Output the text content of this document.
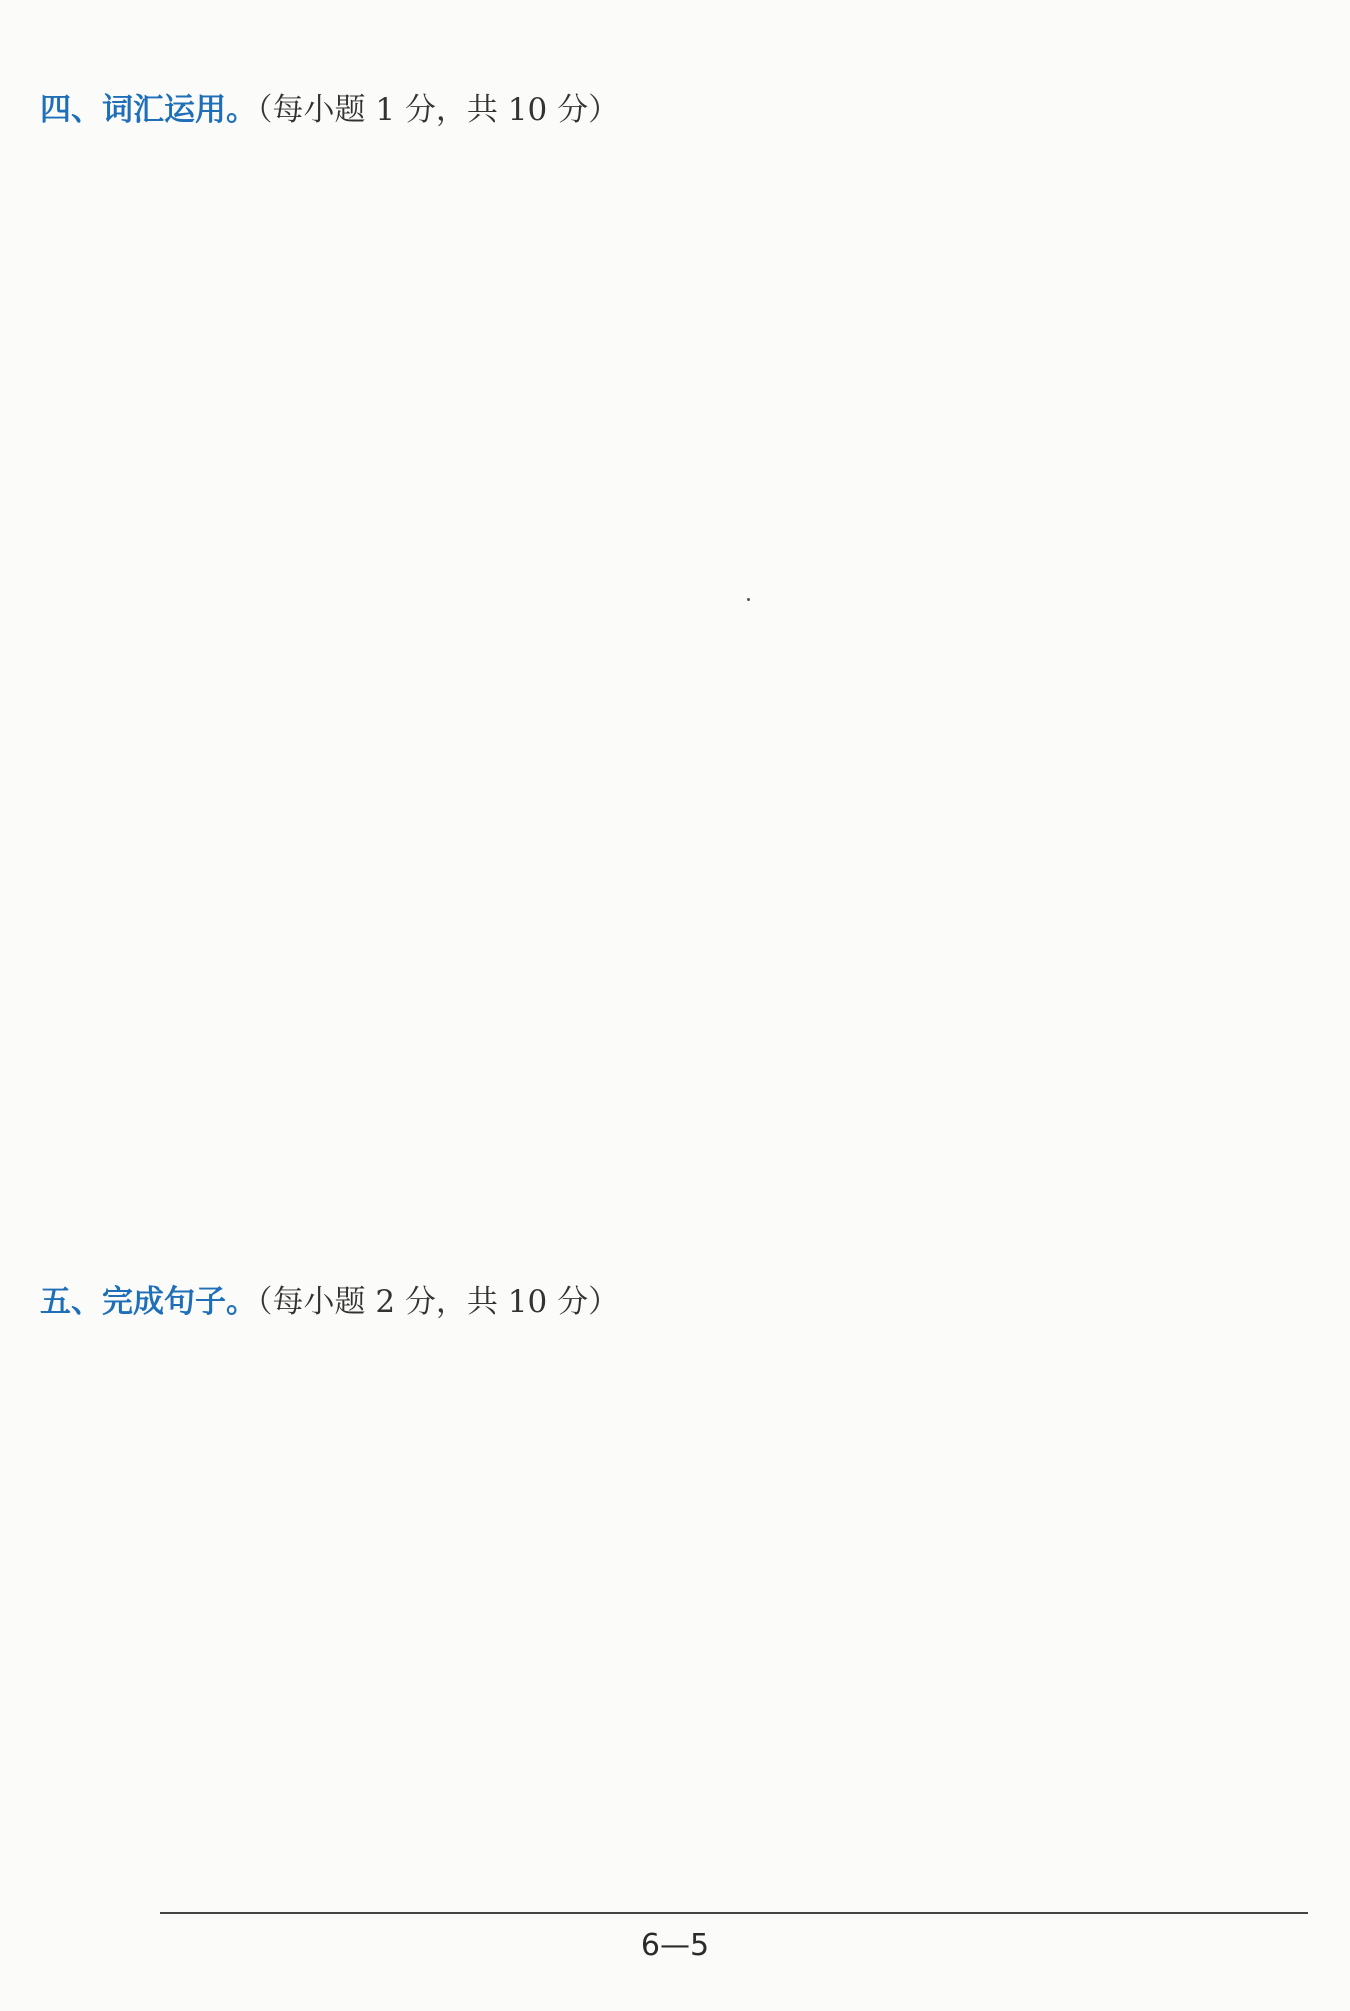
四、词汇运用。（每小题 1 分，共 10 分）
五、完成句子。（每小题 2 分，共 10 分）
6—5
